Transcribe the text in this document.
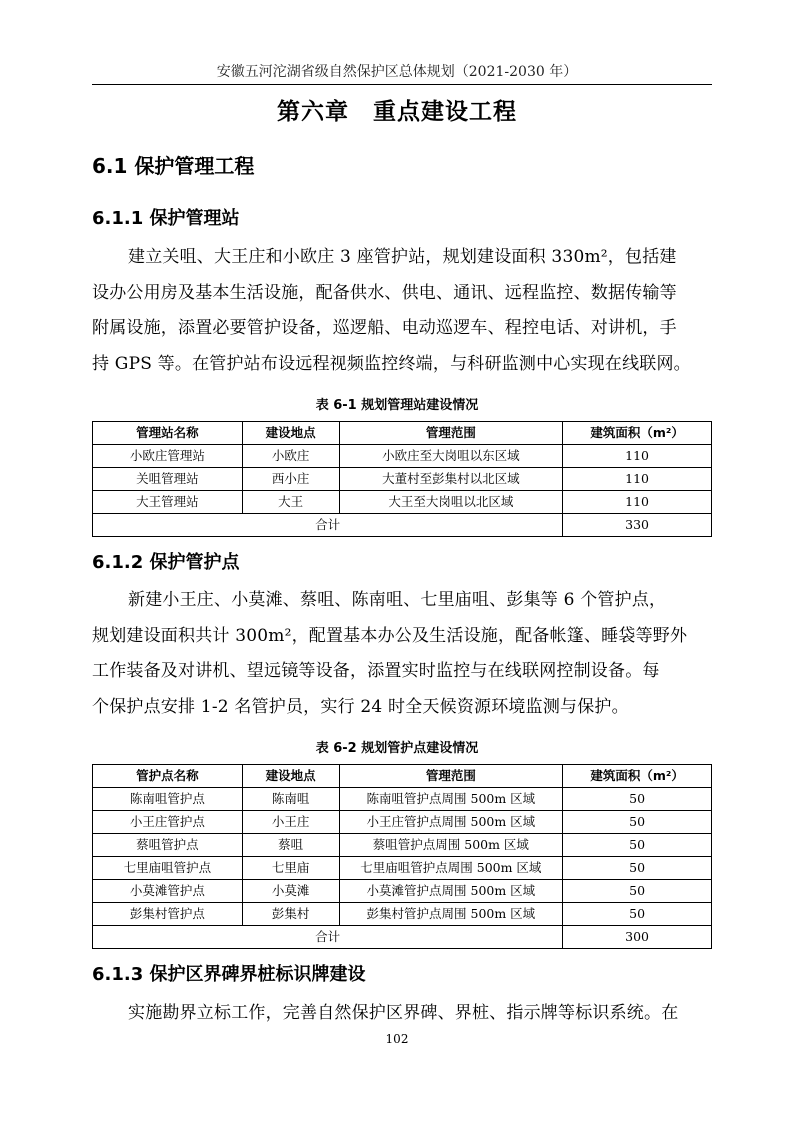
安徽五河沱湖省级自然保护区总体规划（2021-2030 年）
第六章　重点建设工程
6.1 保护管理工程
6.1.1 保护管理站
建立关咀、大王庄和小欧庄 3 座管护站，规划建设面积 330m²，包括建
设办公用房及基本生活设施，配备供水、供电、通讯、远程监控、数据传输等
附属设施，添置必要管护设备，巡逻船、电动巡逻车、程控电话、对讲机，手
持 GPS 等。在管护站布设远程视频监控终端，与科研监测中心实现在线联网。
表 6-1 规划管理站建设情况
管理站名称	建设地点	管理范围	建筑面积（m²）
小欧庄管理站	小欧庄	小欧庄至大岗咀以东区域	110
关咀管理站	西小庄	大董村至彭集村以北区域	110
大王管理站	大王	大王至大岗咀以北区域	110
合计			330
6.1.2 保护管护点
新建小王庄、小莫滩、蔡咀、陈南咀、七里庙咀、彭集等 6 个管护点，
规划建设面积共计 300m²，配置基本办公及生活设施，配备帐篷、睡袋等野外
工作装备及对讲机、望远镜等设备，添置实时监控与在线联网控制设备。每
个保护点安排 1-2 名管护员，实行 24 时全天候资源环境监测与保护。
表 6-2 规划管护点建设情况
管护点名称	建设地点	管理范围	建筑面积（m²）
陈南咀管护点	陈南咀	陈南咀管护点周围 500m 区域	50
小王庄管护点	小王庄	小王庄管护点周围 500m 区域	50
蔡咀管护点	蔡咀	蔡咀管护点周围 500m 区域	50
七里庙咀管护点	七里庙	七里庙咀管护点周围 500m 区域	50
小莫滩管护点	小莫滩	小莫滩管护点周围 500m 区域	50
彭集村管护点	彭集村	彭集村管护点周围 500m 区域	50
合计			300
6.1.3 保护区界碑界桩标识牌建设
实施勘界立标工作，完善自然保护区界碑、界桩、指示牌等标识系统。在
102
